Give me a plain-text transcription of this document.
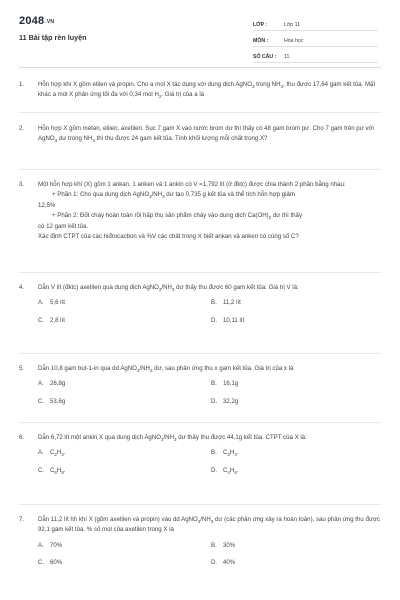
$2048^{.VN}$
11 Bài tập rèn luyện
LỚP :	Lớp 11
MÔN :	Hóa học
SỐ CÂU :	11
1. Hỗn hợp khí X gồm etilen và propin. Cho a mol X tác dụng với dung dịch AgNO$_3$ trong $NH_3$, thu được 17,64 gam kết tủa. Mặt khác a mol X phản ứng tối đa với 0,34 mol $H_2$. Giá trị của a là

2. Hỗn hợp X gồm metan, etilen, axetilen. Sục 7 gam X vào nước brom dư thì thấy có 48 gam brom pư. Cho 7 gam trên pư với AgNO$_3$ dư trong $NH_3$ thì thu được 24 gam kết tủa. Tính khối lượng mỗi chất trong X?

3. Một hỗn hợp khí (X) gồm 1 ankan, 1 anken và 1 ankin có V =1,792 lít (ở đktc) được chia thành 2 phần bằng nhau:

+ Phần 1: Cho qua dung dịch $AgNO_3/NH_3$ dư tạo 0,735 g kết tủa và thể tích hỗn hợp giảm

12,5%

+ Phần 2: Đốt cháy hoàn toàn rồi hấp thụ sản phẩm cháy vào dung dịch $Ca(OH)_2$ dư thì thấy

có 12 gam kết tủa.

Xác định CTPT của các hiđrocacbon và %V các chất trong X biết ankan và anken có cùng số C?

4. Dẫn V lít (đktc) axetilen qua dung dịch $AgNO_3/NH_3$ dư thấy thu được 60 gam kết tủa. Giá trị V là:

A. 5,6 lít	B. 11,2 lít
C. 2,8 lít	D. 10,11 lít
5. Dẫn 10,8 gam but-1-in qua dd $AgNO_3/NH_3$ dư, sau phản ứng thu x gam kết tủa. Giá trị của x là

A. 26,8g	B. 16,1g
C. 53,6g	D. 32,2g
6. Dẫn 6,72 lít một ankin X qua dung dịch $AgNO_3/NH_3$ dư thấy thu được 44,1g kết tủa. CTPT của X là:

A. $C_2H_2$.	B. $C_3H_4$.
C. $C_5H_8$.	D. $C_4H_6$.
7. Dẫn 11,2 lít hh khí X (gồm axetilen và propin) vào dd $AgNO_3/NH_3$ dư (các phản ứng xảy ra hoàn toàn), sau phản ứng thu được 92,1 gam kết tủa. % số mol của axetilen trong X là

A. 70%	B. 30%
C. 60%	D. 40%
